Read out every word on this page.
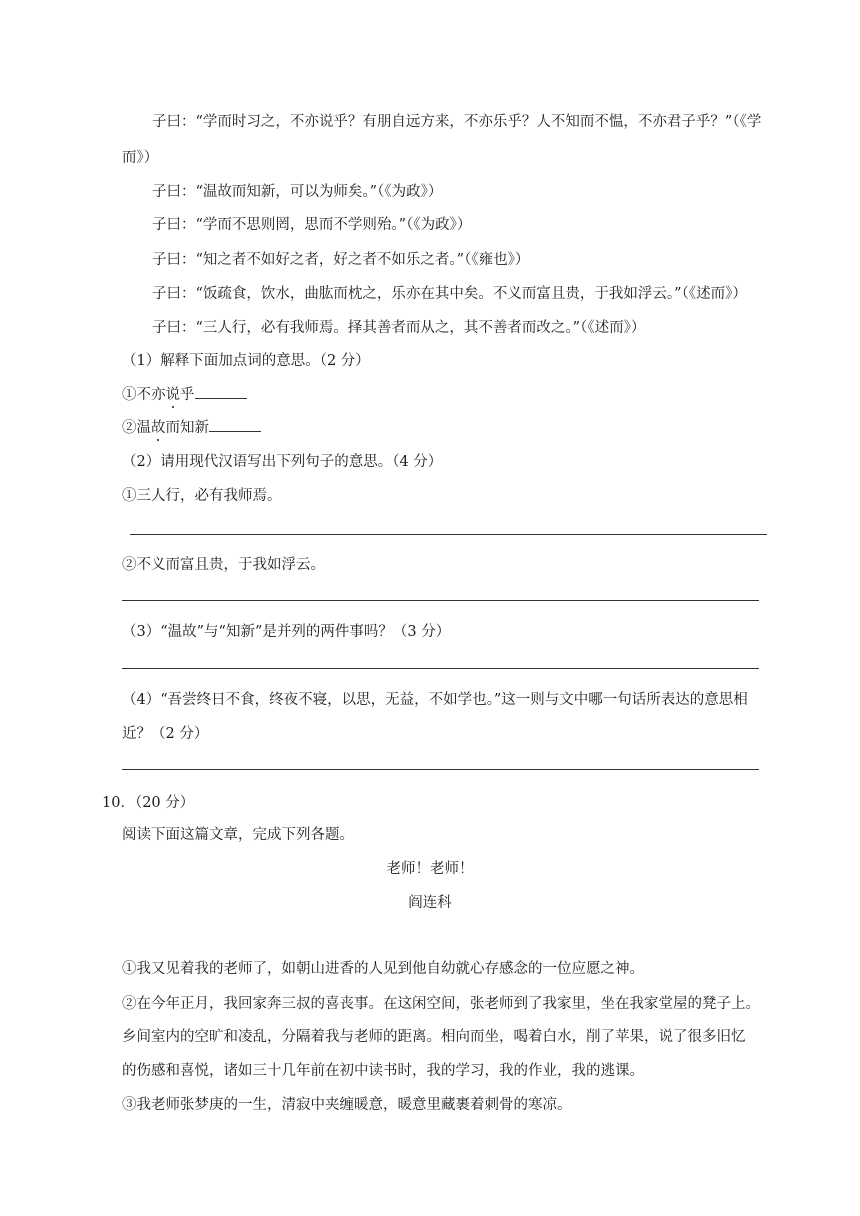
子曰：“学而时习之，不亦说乎？有朋自远方来，不亦乐乎？人不知而不愠，不亦君子乎？”（《学
而》）
子曰：“温故而知新，可以为师矣。”（《为政》）
子曰：“学而不思则罔，思而不学则殆。”（《为政》）
子曰：“知之者不如好之者，好之者不如乐之者。”（《雍也》）
子曰：“饭疏食，饮水，曲肱而枕之，乐亦在其中矣。不义而富且贵，于我如浮云。”（《述而》）
子曰：“三人行，必有我师焉。择其善者而从之，其不善者而改之。”（《述而》）
（1）解释下面加点词的意思。（2 分）
①不亦说乎
②温故而知新
（2）请用现代汉语写出下列句子的意思。（4 分）
①三人行，必有我师焉。
②不义而富且贵，于我如浮云。
（3）“温故”与“知新”是并列的两件事吗？（3 分）
（4）“吾尝终日不食，终夜不寝，以思，无益，不如学也。”这一则与文中哪一句话所表达的意思相
近？（2 分）
10．（20 分）
阅读下面这篇文章，完成下列各题。
老师！老师！
阎连科
①我又见着我的老师了，如朝山进香的人见到他自幼就心存感念的一位应愿之神。
②在今年正月，我回家奔三叔的喜丧事。在这闲空间，张老师到了我家里，坐在我家堂屋的凳子上。
乡间室内的空旷和凌乱，分隔着我与老师的距离。相向而坐，喝着白水，削了苹果，说了很多旧忆
的伤感和喜悦，诸如三十几年前在初中读书时，我的学习，我的作业，我的逃课。
③我老师张梦庚的一生，清寂中夹缠暖意，暖意里藏裹着刺骨的寒凉。
